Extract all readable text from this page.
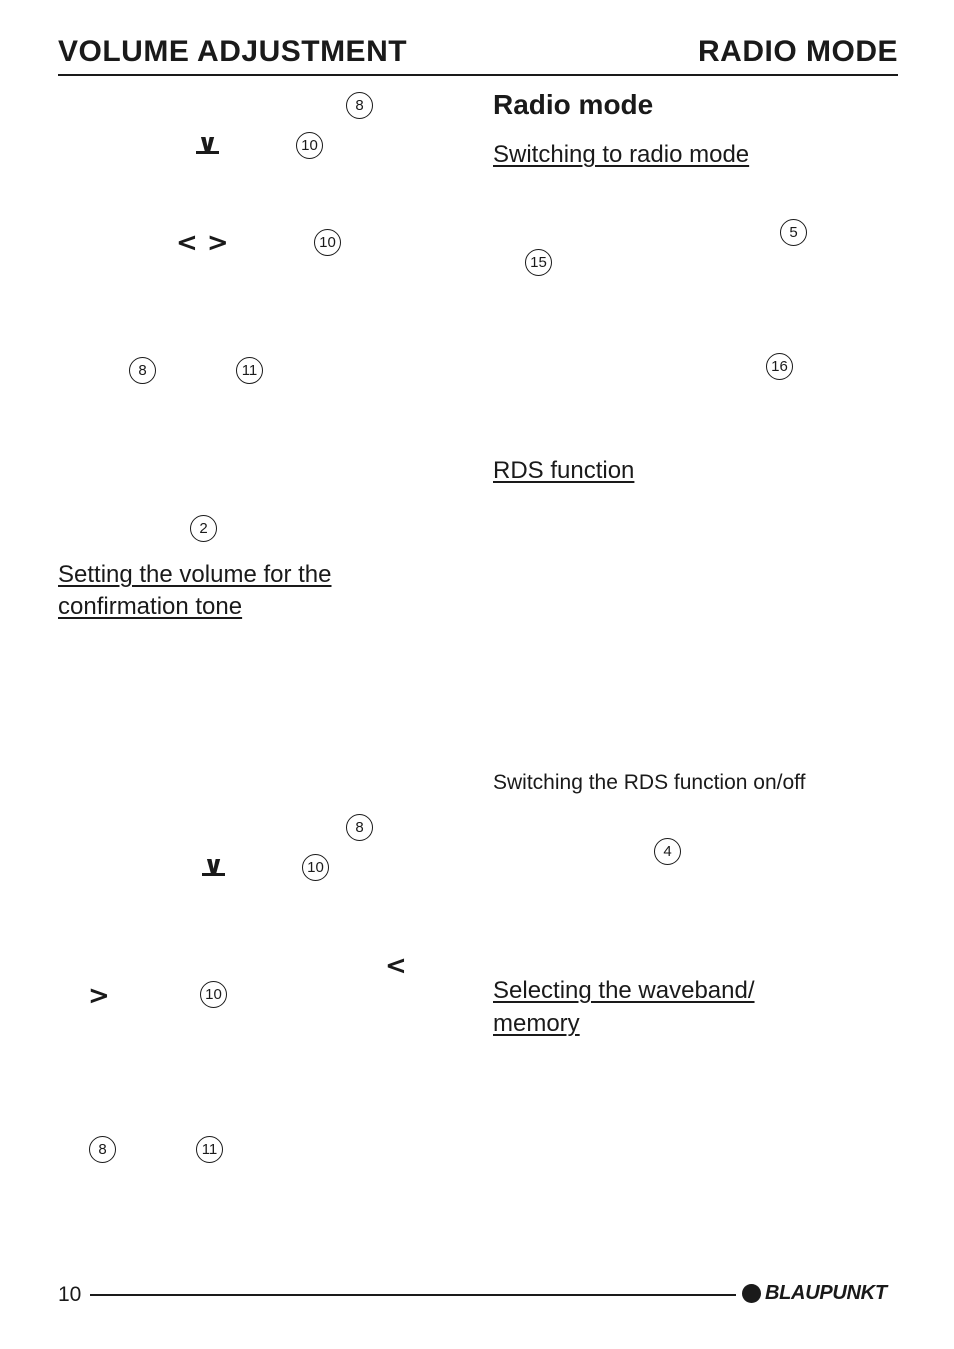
VOLUME ADJUSTMENT	RADIO MODE
8
∨	10
< >	10
8	11
2
Setting the volume for the
confirmation tone
8
∨	10
<
>	10
8	11
Radio mode
Switching to radio mode
5
15
16
RDS function
Switching the RDS function on/off
4
Selecting the waveband/
memory
10	BLAUPUNKT
